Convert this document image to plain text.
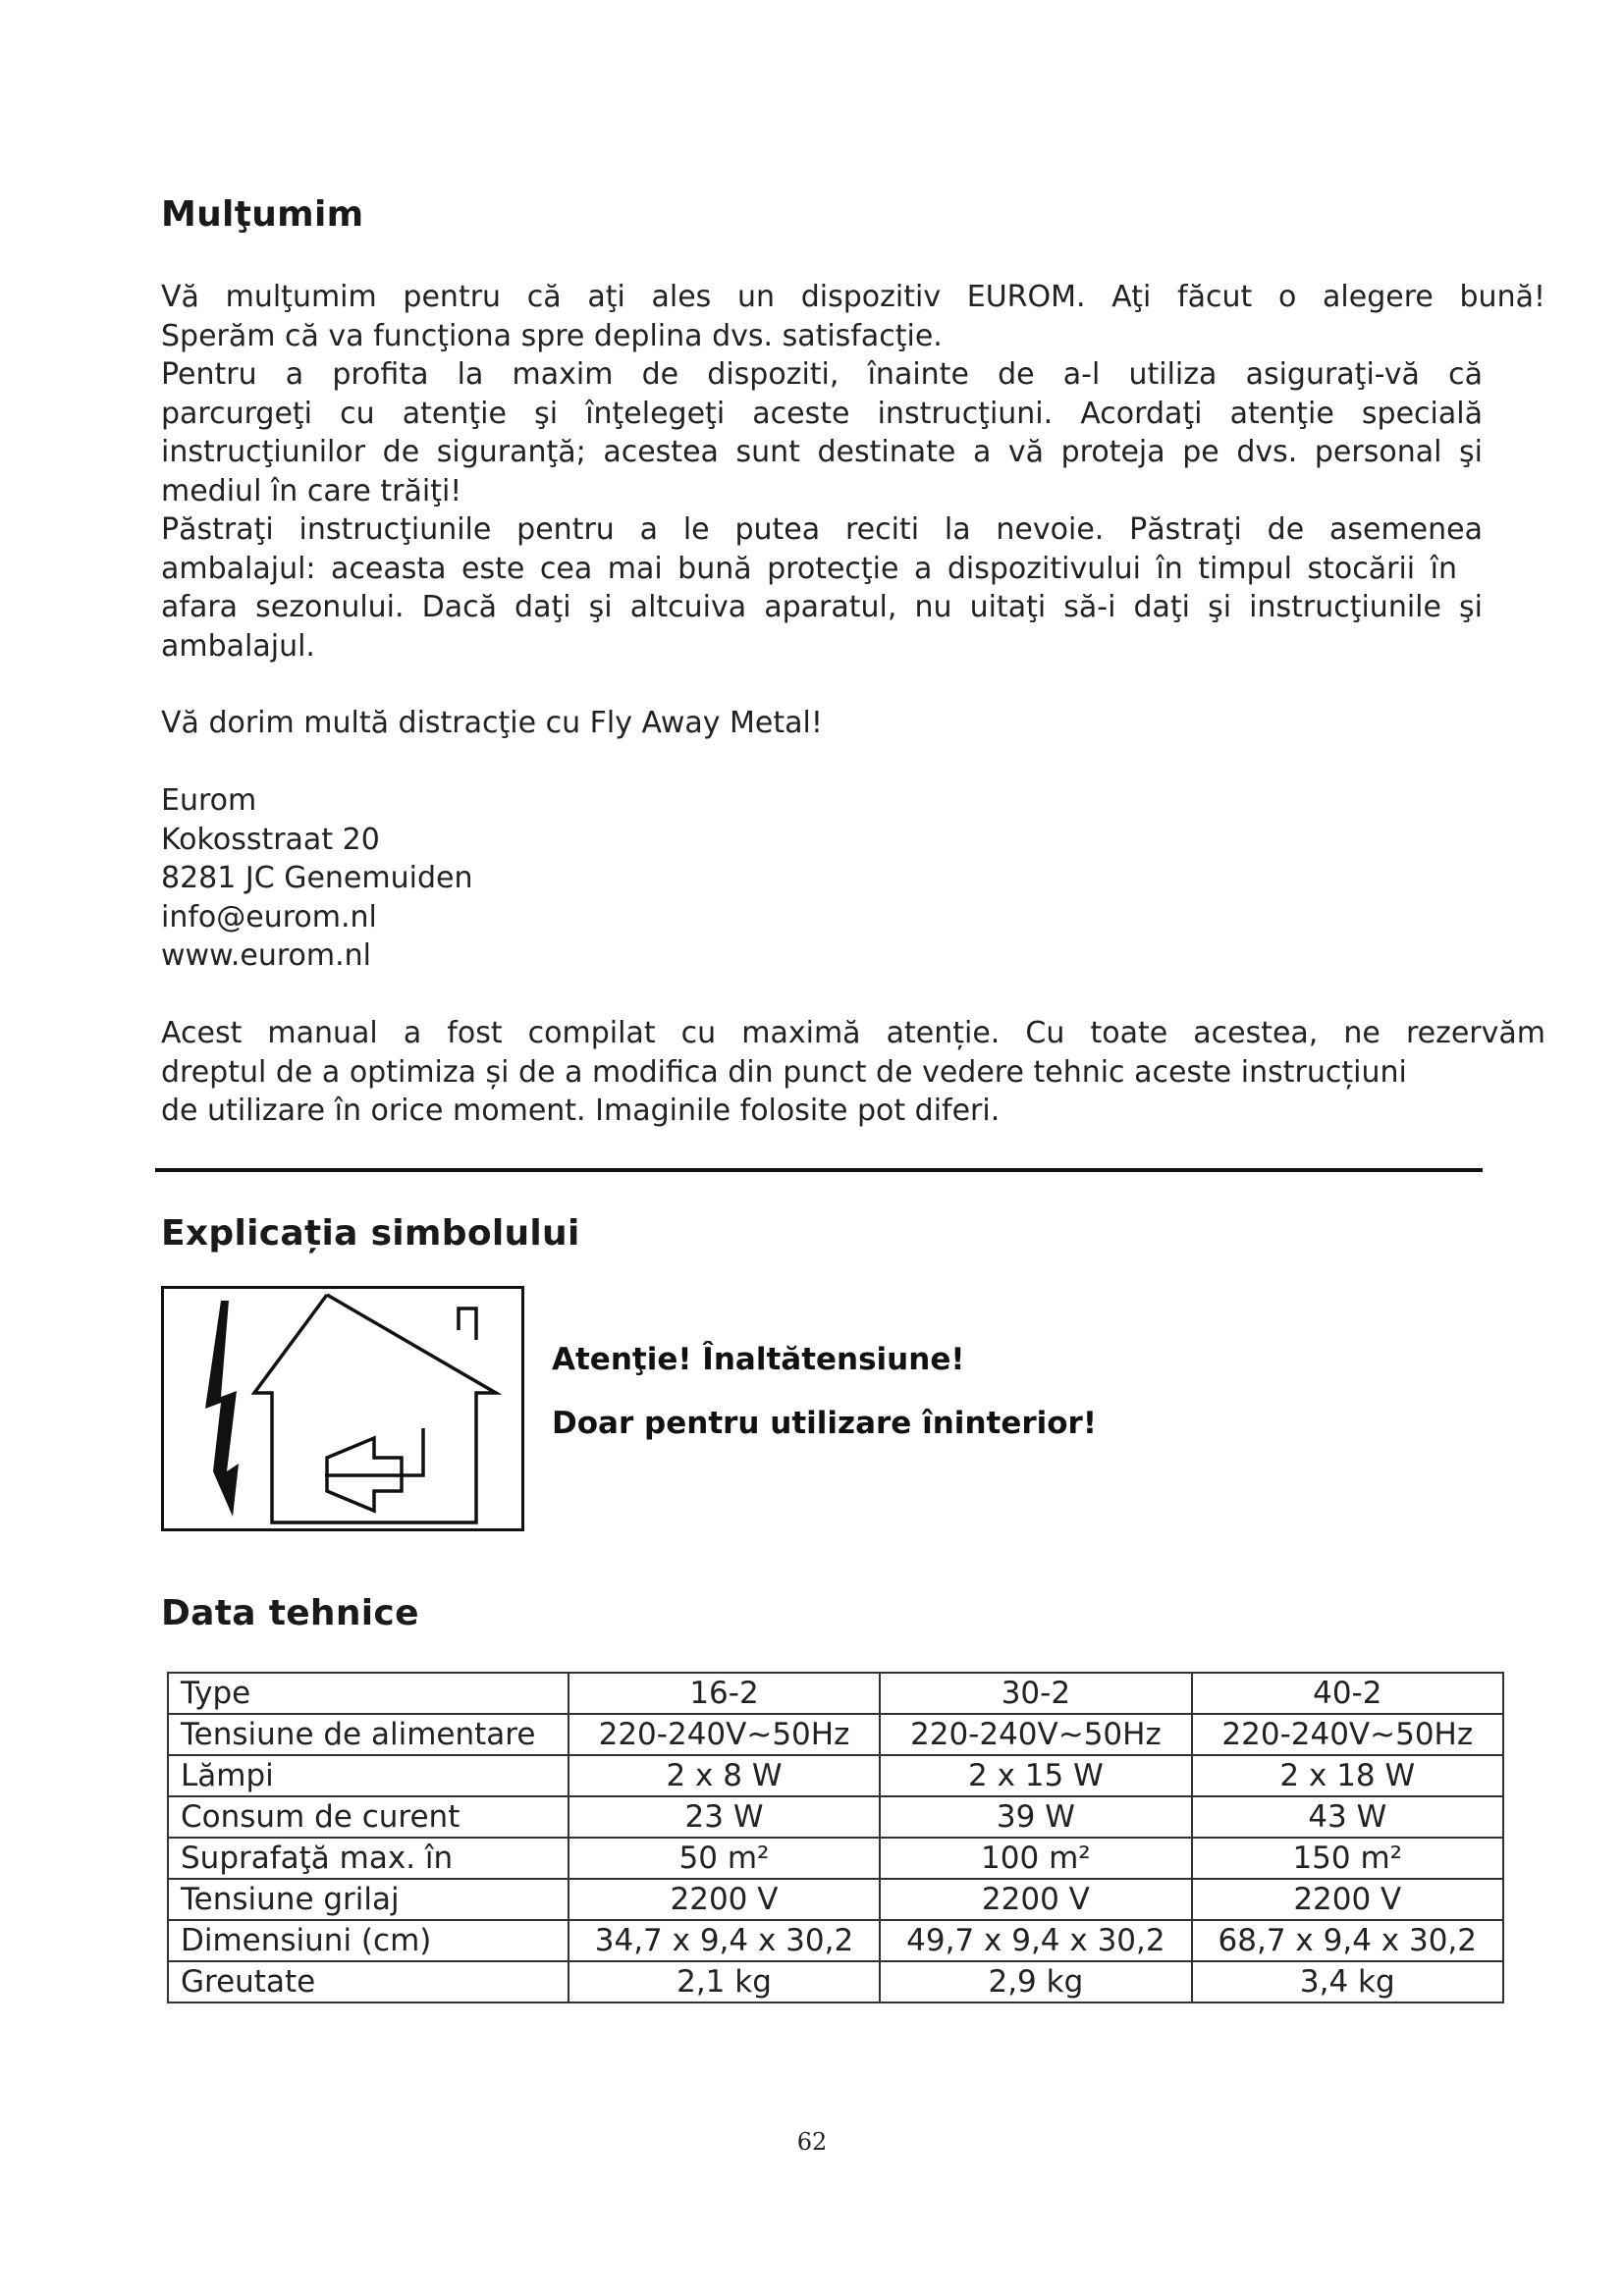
Mulţumim
Vă mulţumim pentru că aţi ales un dispozitiv EUROM. Aţi făcut o alegere bună!
Sperăm că va funcţiona spre deplina dvs. satisfacţie.
Pentru a profita la maxim de dispoziti, înainte de a-l utiliza asiguraţi-vă că
parcurgeţi cu atenţie şi înţelegeţi aceste instrucţiuni. Acordaţi atenţie specială
instrucţiunilor de siguranţă; acestea sunt destinate a vă proteja pe dvs. personal şi
mediul în care trăiţi!
Păstraţi instrucţiunile pentru a le putea reciti la nevoie. Păstraţi de asemenea
ambalajul: aceasta este cea mai bună protecţie a dispozitivului în timpul stocării în
afara sezonului. Dacă daţi şi altcuiva aparatul, nu uitaţi să-i daţi şi instrucţiunile şi
ambalajul.

Vă dorim multă distracţie cu Fly Away Metal!

Eurom
Kokosstraat 20
8281 JC Genemuiden
info@eurom.nl
www.eurom.nl
Acest manual a fost compilat cu maximă atenție. Cu toate acestea, ne rezervăm
dreptul de a optimiza și de a modifica din punct de vedere tehnic aceste instrucțiuni
de utilizare în orice moment. Imaginile folosite pot diferi.
Explicația simbolului
Atenţie! Înaltătensiune!
Doar pentru utilizare îninterior!
Data tehnice
Type	16-2	30-2	40-2
Tensiune de alimentare	220-240V~50Hz	220-240V~50Hz	220-240V~50Hz
Lămpi	2 x 8 W	2 x 15 W	2 x 18 W
Consum de curent	23 W	39 W	43 W
Suprafaţă max. în	50 m²	100 m²	150 m²
Tensiune grilaj	2200 V	2200 V	2200 V
Dimensiuni (cm)	34,7 x 9,4 x 30,2	49,7 x 9,4 x 30,2	68,7 x 9,4 x 30,2
Greutate	2,1 kg	2,9 kg	3,4 kg
62
